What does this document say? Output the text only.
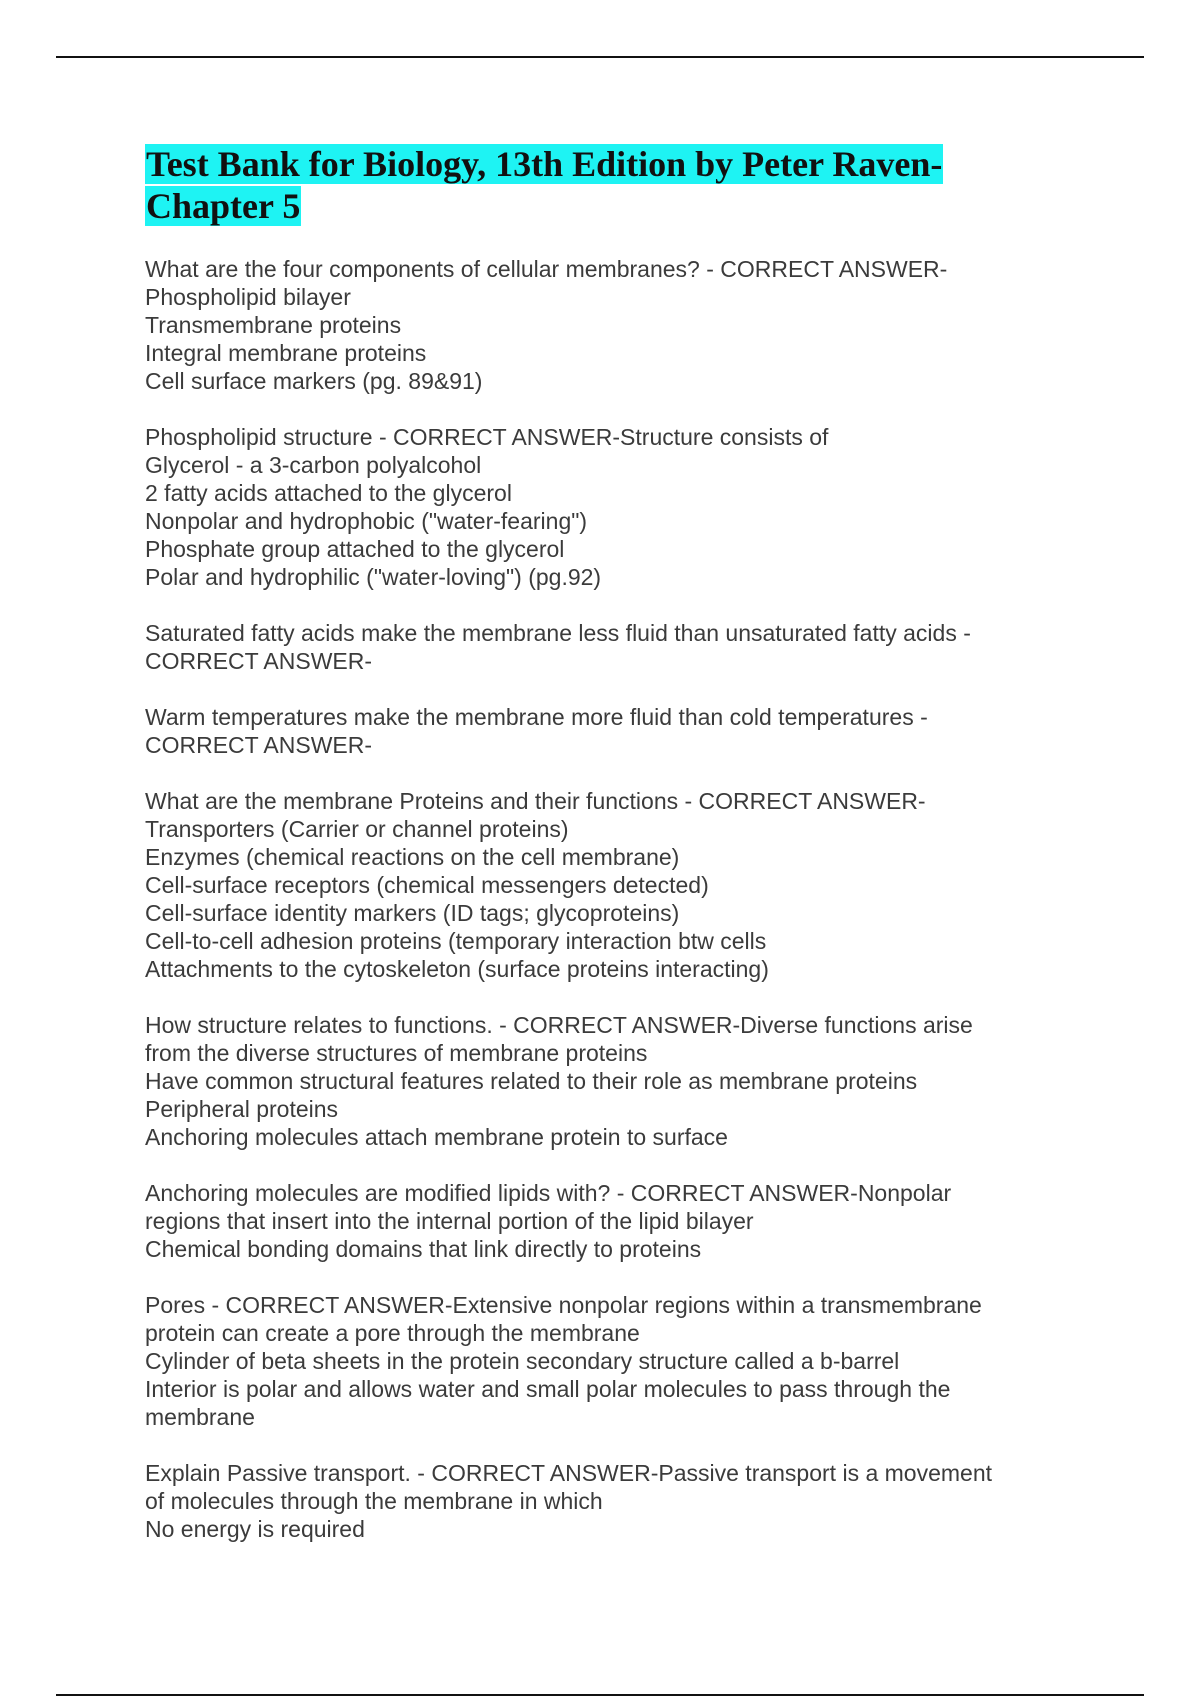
Test Bank for Biology, 13th Edition by Peter Raven-
Chapter 5
What are the four components of cellular membranes? - CORRECT ANSWER-
Phospholipid bilayer
Transmembrane proteins
Integral membrane proteins
Cell surface markers (pg. 89&91)
Phospholipid structure - CORRECT ANSWER-Structure consists of
Glycerol - a 3-carbon polyalcohol
2 fatty acids attached to the glycerol
Nonpolar and hydrophobic ("water-fearing")
Phosphate group attached to the glycerol
Polar and hydrophilic ("water-loving") (pg.92)
Saturated fatty acids make the membrane less fluid than unsaturated fatty acids -
CORRECT ANSWER-
Warm temperatures make the membrane more fluid than cold temperatures -
CORRECT ANSWER-
What are the membrane Proteins and their functions - CORRECT ANSWER-
Transporters (Carrier or channel proteins)
Enzymes (chemical reactions on the cell membrane)
Cell-surface receptors (chemical messengers detected)
Cell-surface identity markers (ID tags; glycoproteins)
Cell-to-cell adhesion proteins (temporary interaction btw cells
Attachments to the cytoskeleton (surface proteins interacting)
How structure relates to functions. - CORRECT ANSWER-Diverse functions arise
from the diverse structures of membrane proteins
Have common structural features related to their role as membrane proteins
Peripheral proteins
Anchoring molecules attach membrane protein to surface
Anchoring molecules are modified lipids with? - CORRECT ANSWER-Nonpolar
regions that insert into the internal portion of the lipid bilayer
Chemical bonding domains that link directly to proteins
Pores - CORRECT ANSWER-Extensive nonpolar regions within a transmembrane
protein can create a pore through the membrane
Cylinder of beta sheets in the protein secondary structure called a b-barrel
Interior is polar and allows water and small polar molecules to pass through the
membrane
Explain Passive transport. - CORRECT ANSWER-Passive transport is a movement
of molecules through the membrane in which
No energy is required
